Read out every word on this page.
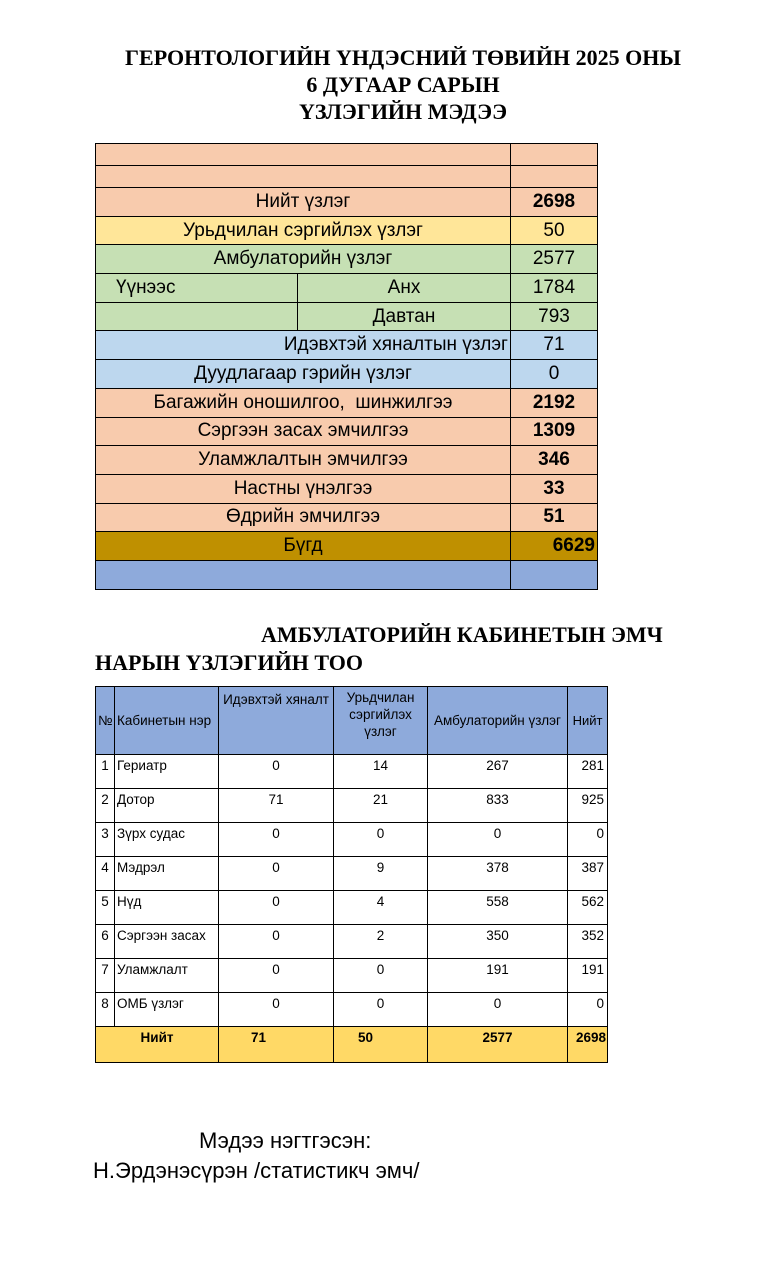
ГЕРОНТОЛОГИЙН ҮНДЭСНИЙ ТӨВИЙН 2025 ОНЫ
6 ДУГААР САРЫН
ҮЗЛЭГИЙН МЭДЭЭ

Нийт үзлэг		2698
Урьдчилан сэргийлэх үзлэг		50
Амбулаторийн үзлэг		2577
Үүнээс	Анх	1784
	Давтан	793
Идэвхтэй хяналтын үзлэг		71
Дуудлагаар гэрийн үзлэг		0
Багажийн оношилгоо,  шинжилгээ		2192
Сэргээн засах эмчилгээ		1309
Уламжлалтын эмчилгээ		346
Настны үнэлгээ		33
Өдрийн эмчилгээ		51
Бүгд		6629

АМБУЛАТОРИЙН КАБИНЕТЫН ЭМЧ
НАРЫН ҮЗЛЭГИЙН ТОО
№	Кабинетын нэр	Идэвхтэй хяналт	Урьдчилан сэргийлэх үзлэг	Амбулаторийн үзлэг	Нийт
1	Гериатр	0	14	267	281
2	Дотор	71	21	833	925
3	Зүрх судас	0	0	0	0
4	Мэдрэл	0	9	378	387
5	Нүд	0	4	558	562
6	Сэргээн засах	0	2	350	352
7	Уламжлалт	0	0	191	191
8	ОМБ үзлэг	0	0	0	0
Нийт		71	50	2577	2698
Мэдээ нэгтгэсэн:
Н.Эрдэнэсүрэн /статистикч эмч/
